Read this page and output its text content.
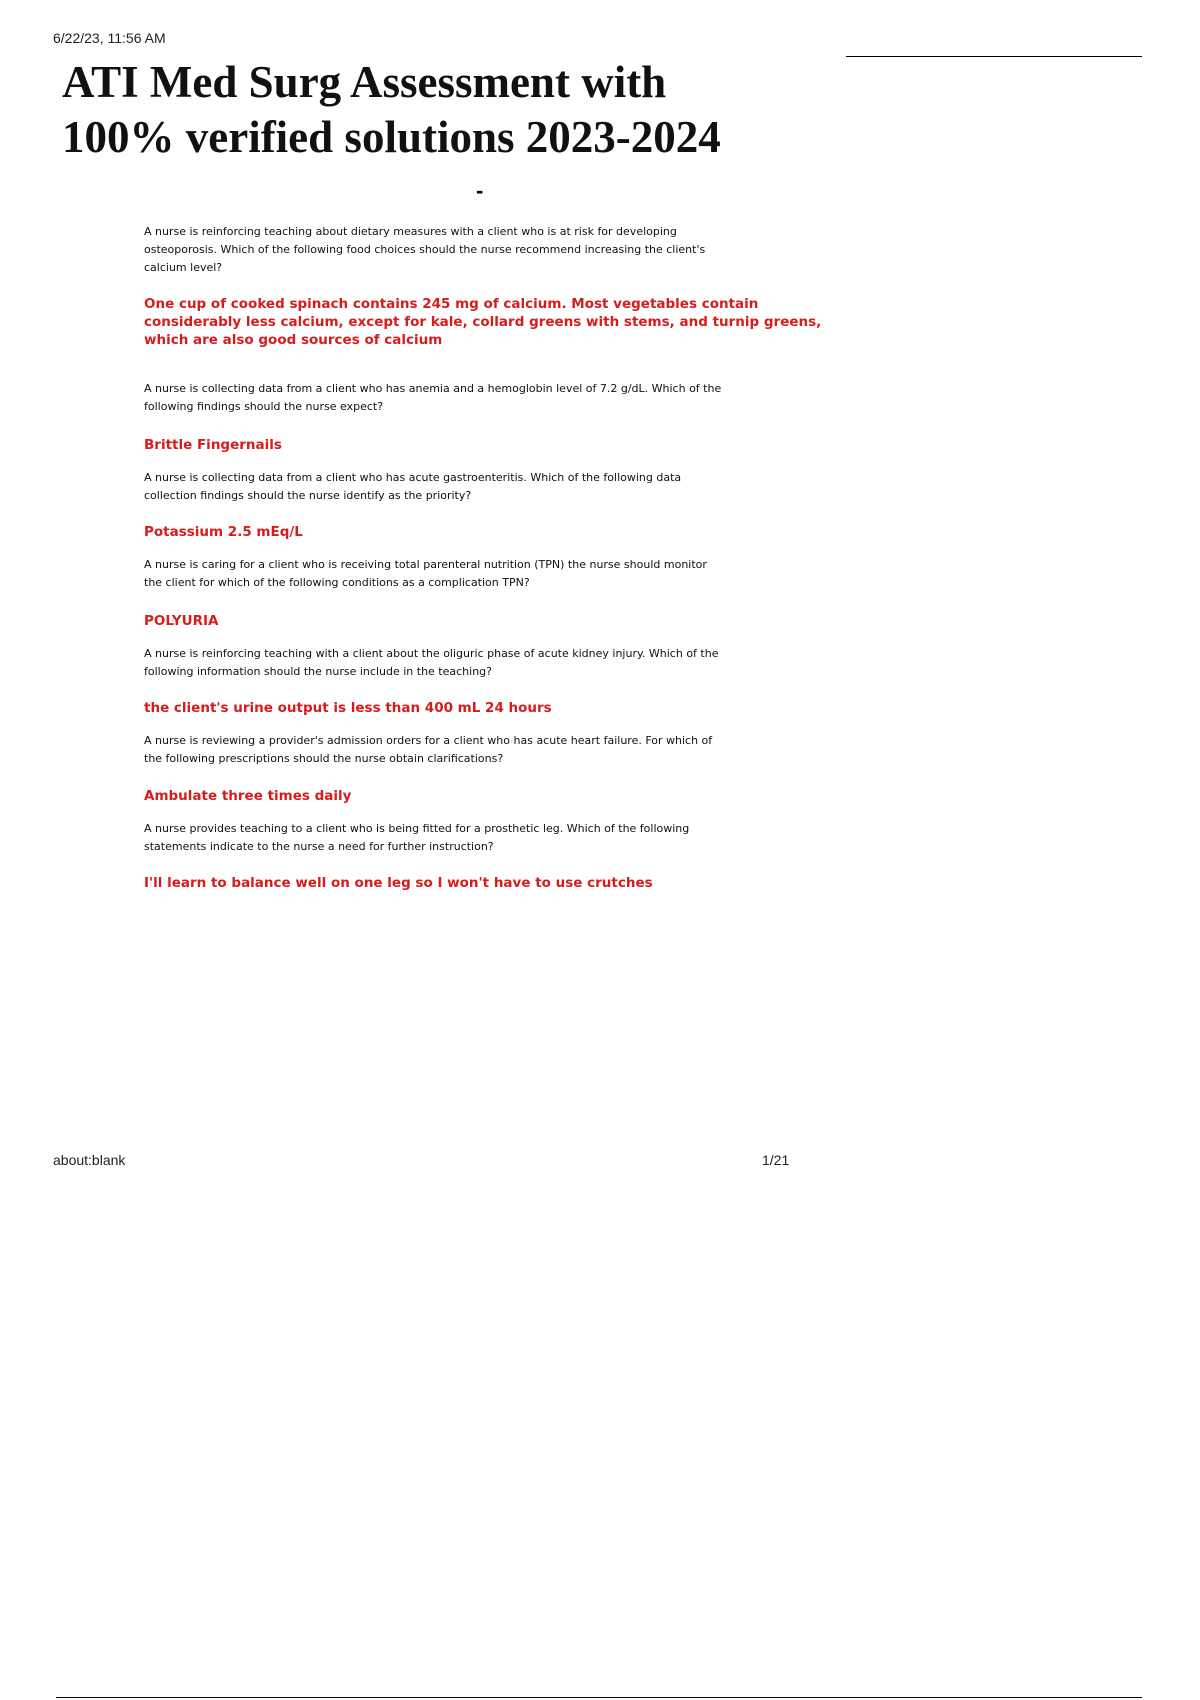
6/22/23, 11:56 AM
ATI Med Surg Assessment with
100% verified solutions 2023-2024
-
A nurse is reinforcing teaching about dietary measures with a client who is at risk for developing osteoporosis. Which of the following food choices should the nurse recommend increasing the client's calcium level?
One cup of cooked spinach contains 245 mg of calcium. Most vegetables contain considerably less calcium, except for kale, collard greens with stems, and turnip greens, which are also good sources of calcium
A nurse is collecting data from a client who has anemia and a hemoglobin level of 7.2 g/dL. Which of the following findings should the nurse expect?
Brittle Fingernails
A nurse is collecting data from a client who has acute gastroenteritis. Which of the following data collection findings should the nurse identify as the priority?
Potassium 2.5 mEq/L
A nurse is caring for a client who is receiving total parenteral nutrition (TPN) the nurse should monitor the client for which of the following conditions as a complication TPN?
POLYURIA
A nurse is reinforcing teaching with a client about the oliguric phase of acute kidney injury. Which of the following information should the nurse include in the teaching?
the client's urine output is less than 400 mL 24 hours
A nurse is reviewing a provider's admission orders for a client who has acute heart failure. For which of the following prescriptions should the nurse obtain clarifications?
Ambulate three times daily
A nurse provides teaching to a client who is being fitted for a prosthetic leg. Which of the following statements indicate to the nurse a need for further instruction?
I'll learn to balance well on one leg so I won't have to use crutches
about:blank	1/21
